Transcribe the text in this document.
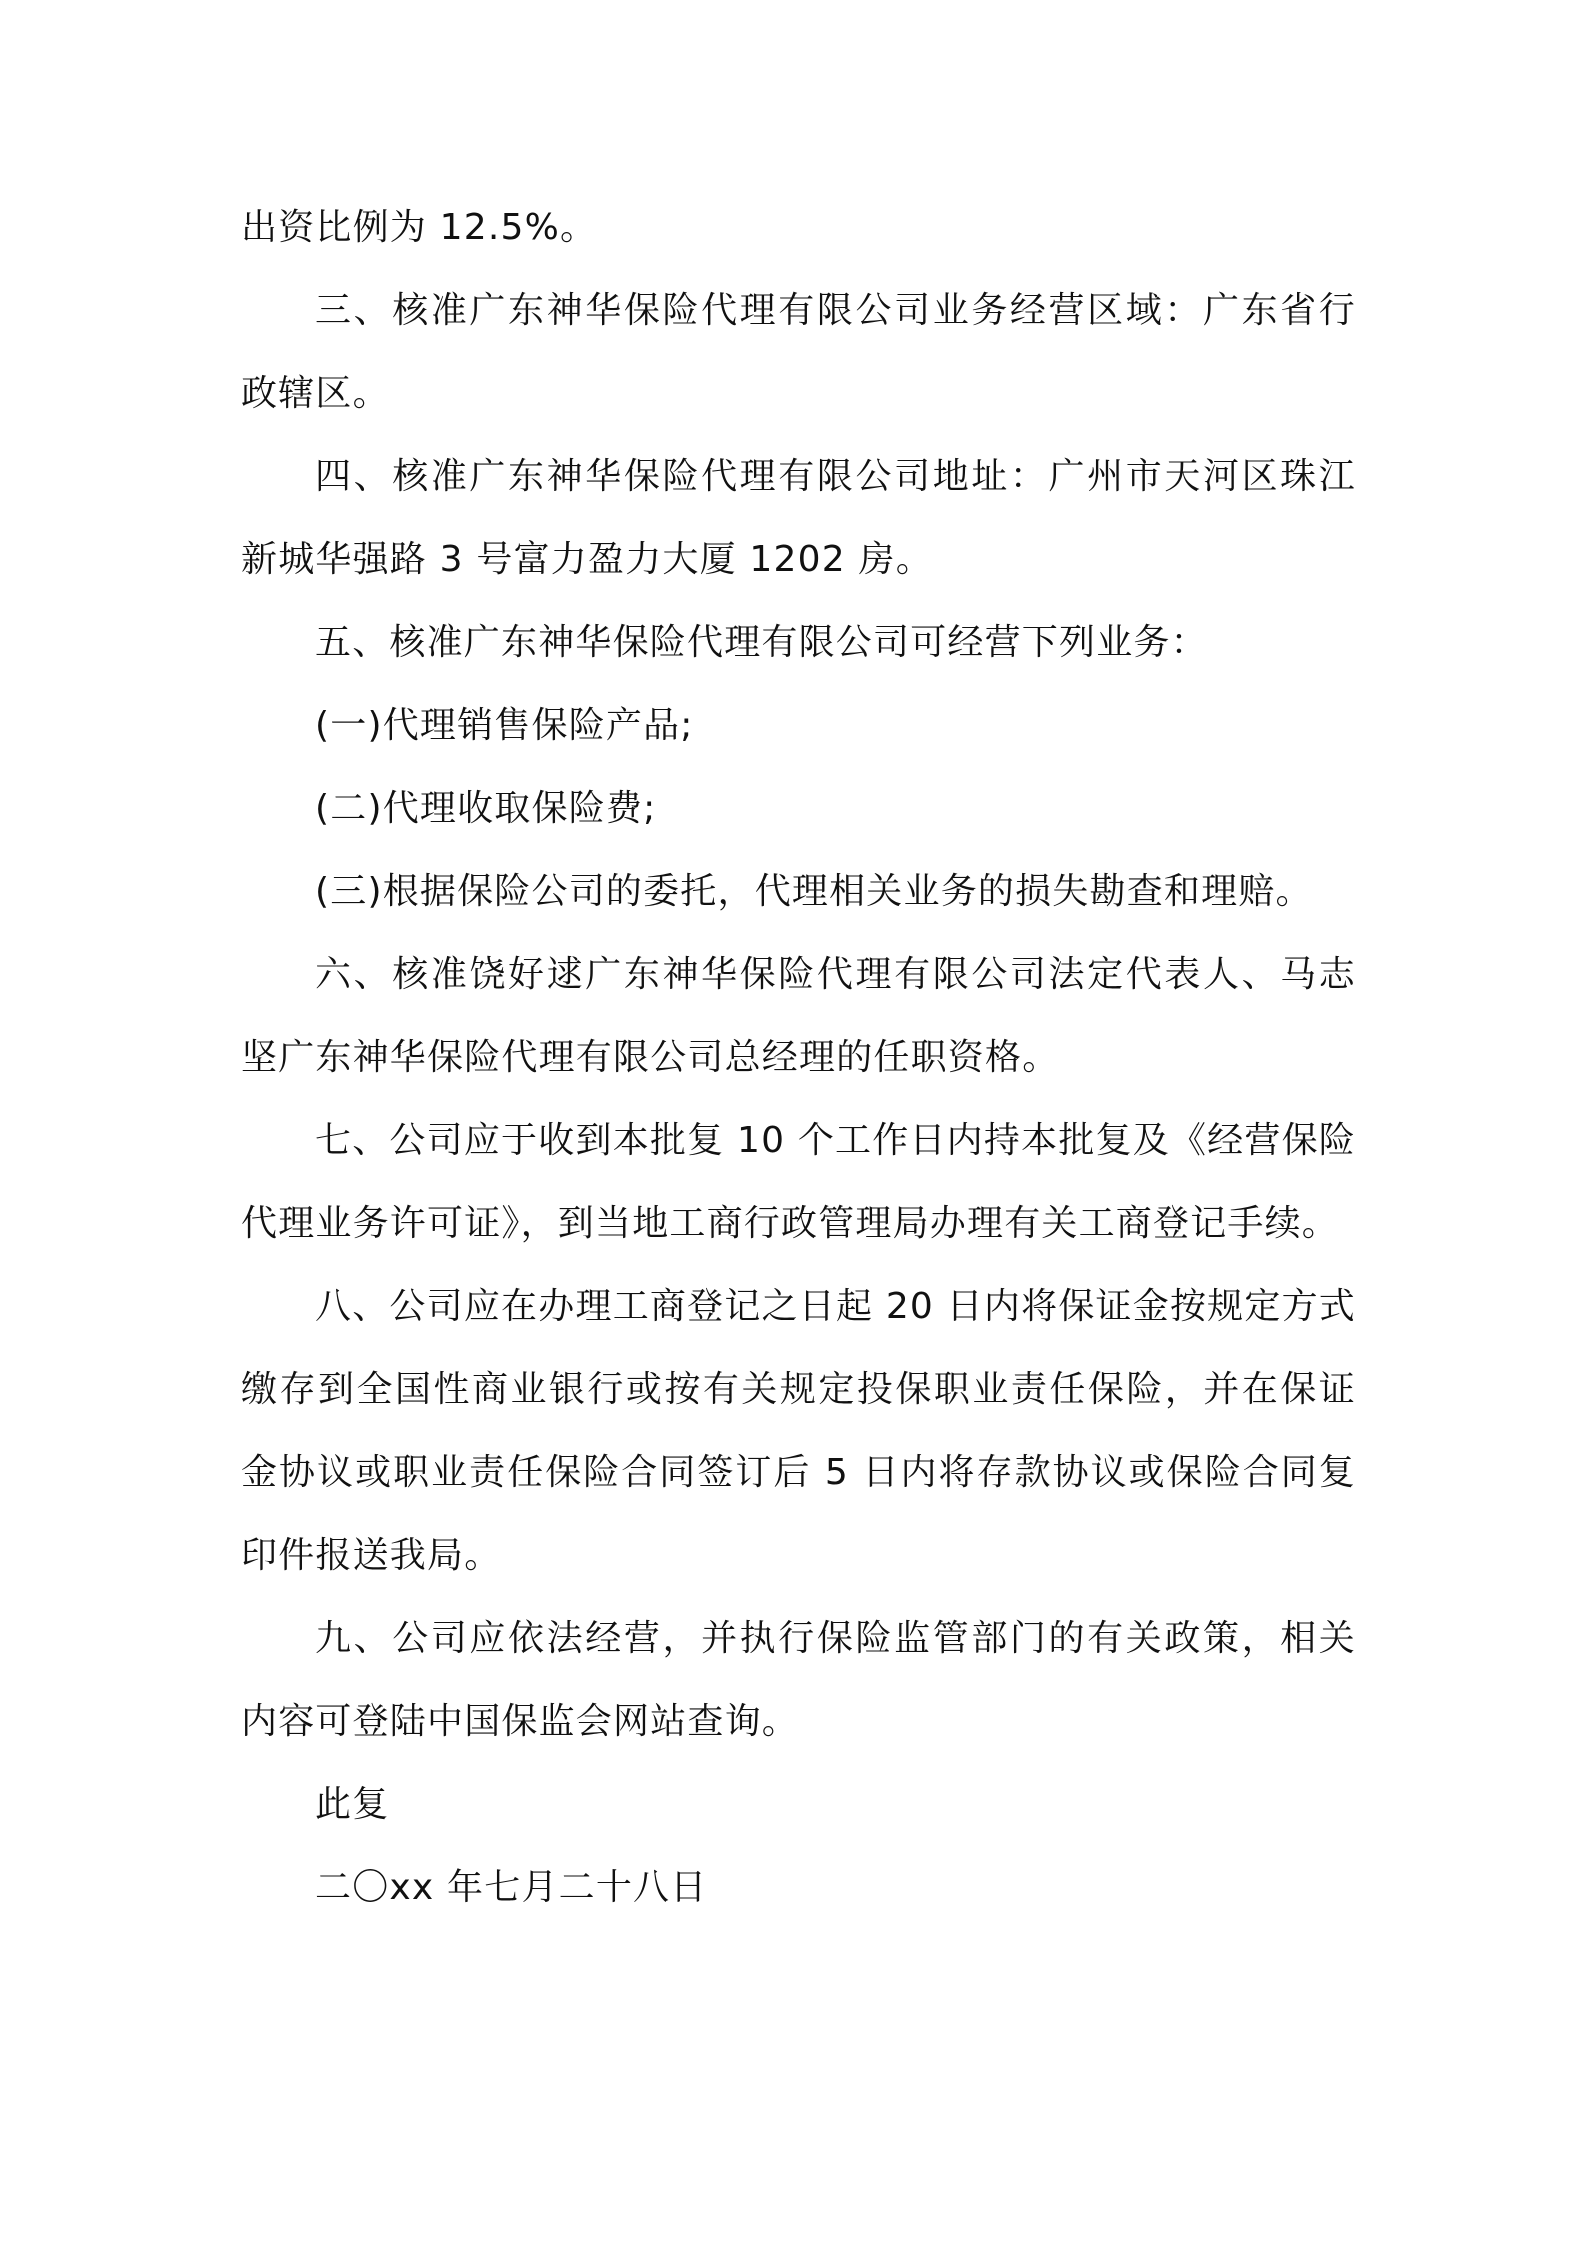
出资比例为 12.5%。

三、核准广东神华保险代理有限公司业务经营区域：广东省行政辖区。

四、核准广东神华保险代理有限公司地址：广州市天河区珠江新城华强路 3 号富力盈力大厦 1202 房。

五、核准广东神华保险代理有限公司可经营下列业务：

(一)代理销售保险产品;

(二)代理收取保险费;

(三)根据保险公司的委托，代理相关业务的损失勘查和理赔。

六、核准饶好逑广东神华保险代理有限公司法定代表人、马志坚广东神华保险代理有限公司总经理的任职资格。

七、公司应于收到本批复 10 个工作日内持本批复及《经营保险代理业务许可证》，到当地工商行政管理局办理有关工商登记手续。

八、公司应在办理工商登记之日起 20 日内将保证金按规定方式缴存到全国性商业银行或按有关规定投保职业责任保险，并在保证金协议或职业责任保险合同签订后 5 日内将存款协议或保险合同复印件报送我局。

九、公司应依法经营，并执行保险监管部门的有关政策，相关内容可登陆中国保监会网站查询。

此复

二〇xx 年七月二十八日
